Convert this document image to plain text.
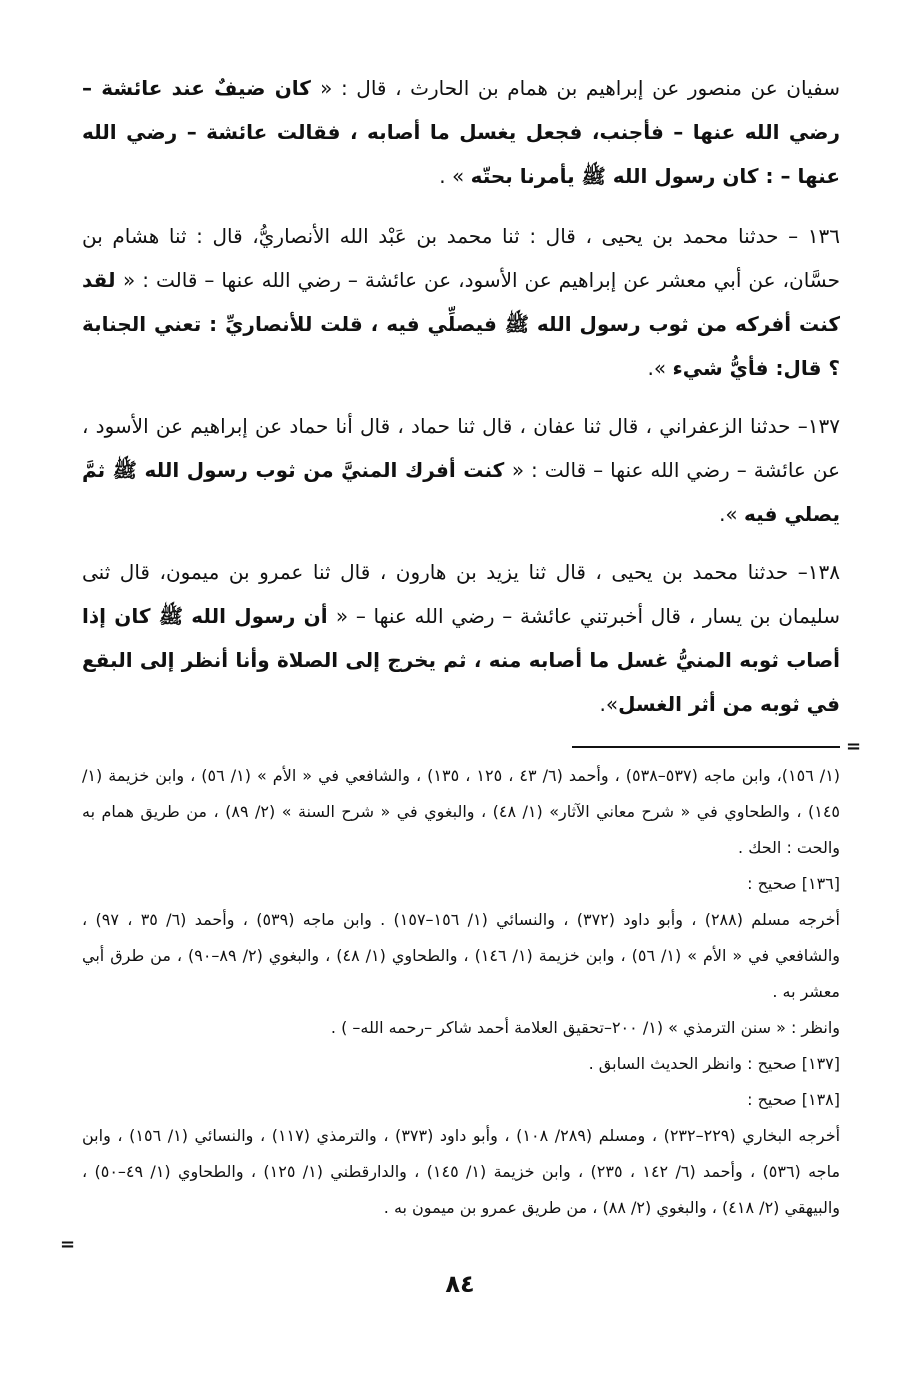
سفيان عن منصور عن إبراهيم بن همام بن الحارث ، قال : « كان ضيفٌ عند عائشة – رضي الله عنها – فأجنب، فجعل يغسل ما أصابه ، فقالت عائشة – رضي الله عنها – : كان رسول الله ﷺ يأمرنا بحتّه » .

١٣٦ – حدثنا محمد بن يحيى ، قال : ثنا محمد بن عَبْد الله الأنصاريُّ، قال : ثنا هشام بن حسَّان، عن أبي معشر عن إبراهيم عن الأسود، عن عائشة – رضي الله عنها – قالت : « لقد كنت أفركه من ثوب رسول الله ﷺ فيصلِّي فيه ، قلت للأنصاريِّ : تعني الجنابة ؟ قال: فأيُّ شيء ».

١٣٧– حدثنا الزعفراني ، قال ثنا عفان ، قال ثنا حماد ، قال أنا حماد عن إبراهيم عن الأسود ، عن عائشة – رضي الله عنها – قالت : « كنت أفرك المنيَّ من ثوب رسول الله ﷺ ثمَّ يصلي فيه ».

١٣٨– حدثنا محمد بن يحيى ، قال ثنا يزيد بن هارون ، قال ثنا عمرو بن ميمون، قال ثنى سليمان بن يسار ، قال أخبرتني عائشة – رضي الله عنها – « أن رسول الله ﷺ كان إذا أصاب ثوبه المنيُّ غسل ما أصابه منه ، ثم يخرج إلى الصلاة وأنا أنظر إلى البقع في ثوبه من أثر الغسل».

(١/ ١٥٦)، وابن ماجه (٥٣٧–٥٣٨) ، وأحمد (٦/ ٤٣ ، ١٢٥ ، ١٣٥) ، والشافعي في « الأم » (١/ ٥٦) ، وابن خزيمة (١/ ١٤٥) ، والطحاوي في « شرح معاني الآثار» (١/ ٤٨) ، والبغوي في « شرح السنة » (٢/ ٨٩) ، من طريق همام به والحت : الحك .

[١٣٦] صحيح :

أخرجه مسلم (٢٨٨) ، وأبو داود (٣٧٢) ، والنسائي (١/ ١٥٦–١٥٧) . وابن ماجه (٥٣٩) ، وأحمد (٦/ ٣٥ ، ٩٧) ، والشافعي في « الأم » (١/ ٥٦) ، وابن خزيمة (١/ ١٤٦) ، والطحاوي (١/ ٤٨) ، والبغوي (٢/ ٨٩–٩٠) ، من طرق أبي معشر به .

وانظر : « سنن الترمذي » (١/ ٢٠٠–تحقيق العلامة أحمد شاكر –رحمه الله– ) .

[١٣٧] صحيح : وانظر الحديث السابق .

[١٣٨] صحيح :

أخرجه البخاري (٢٢٩–٢٣٢) ، ومسلم (٢٨٩/ ١٠٨) ، وأبو داود (٣٧٣) ، والترمذي (١١٧) ، والنسائي (١/ ١٥٦) ، وابن ماجه (٥٣٦) ، وأحمد (٦/ ١٤٢ ، ٢٣٥) ، وابن خزيمة (١/ ١٤٥) ، والدارقطني (١/ ١٢٥) ، والطحاوي (١/ ٤٩–٥٠) ، والبيهقي (٢/ ٤١٨) ، والبغوي (٢/ ٨٨) ، من طريق عمرو بن ميمون به .

=
=
٨٤
